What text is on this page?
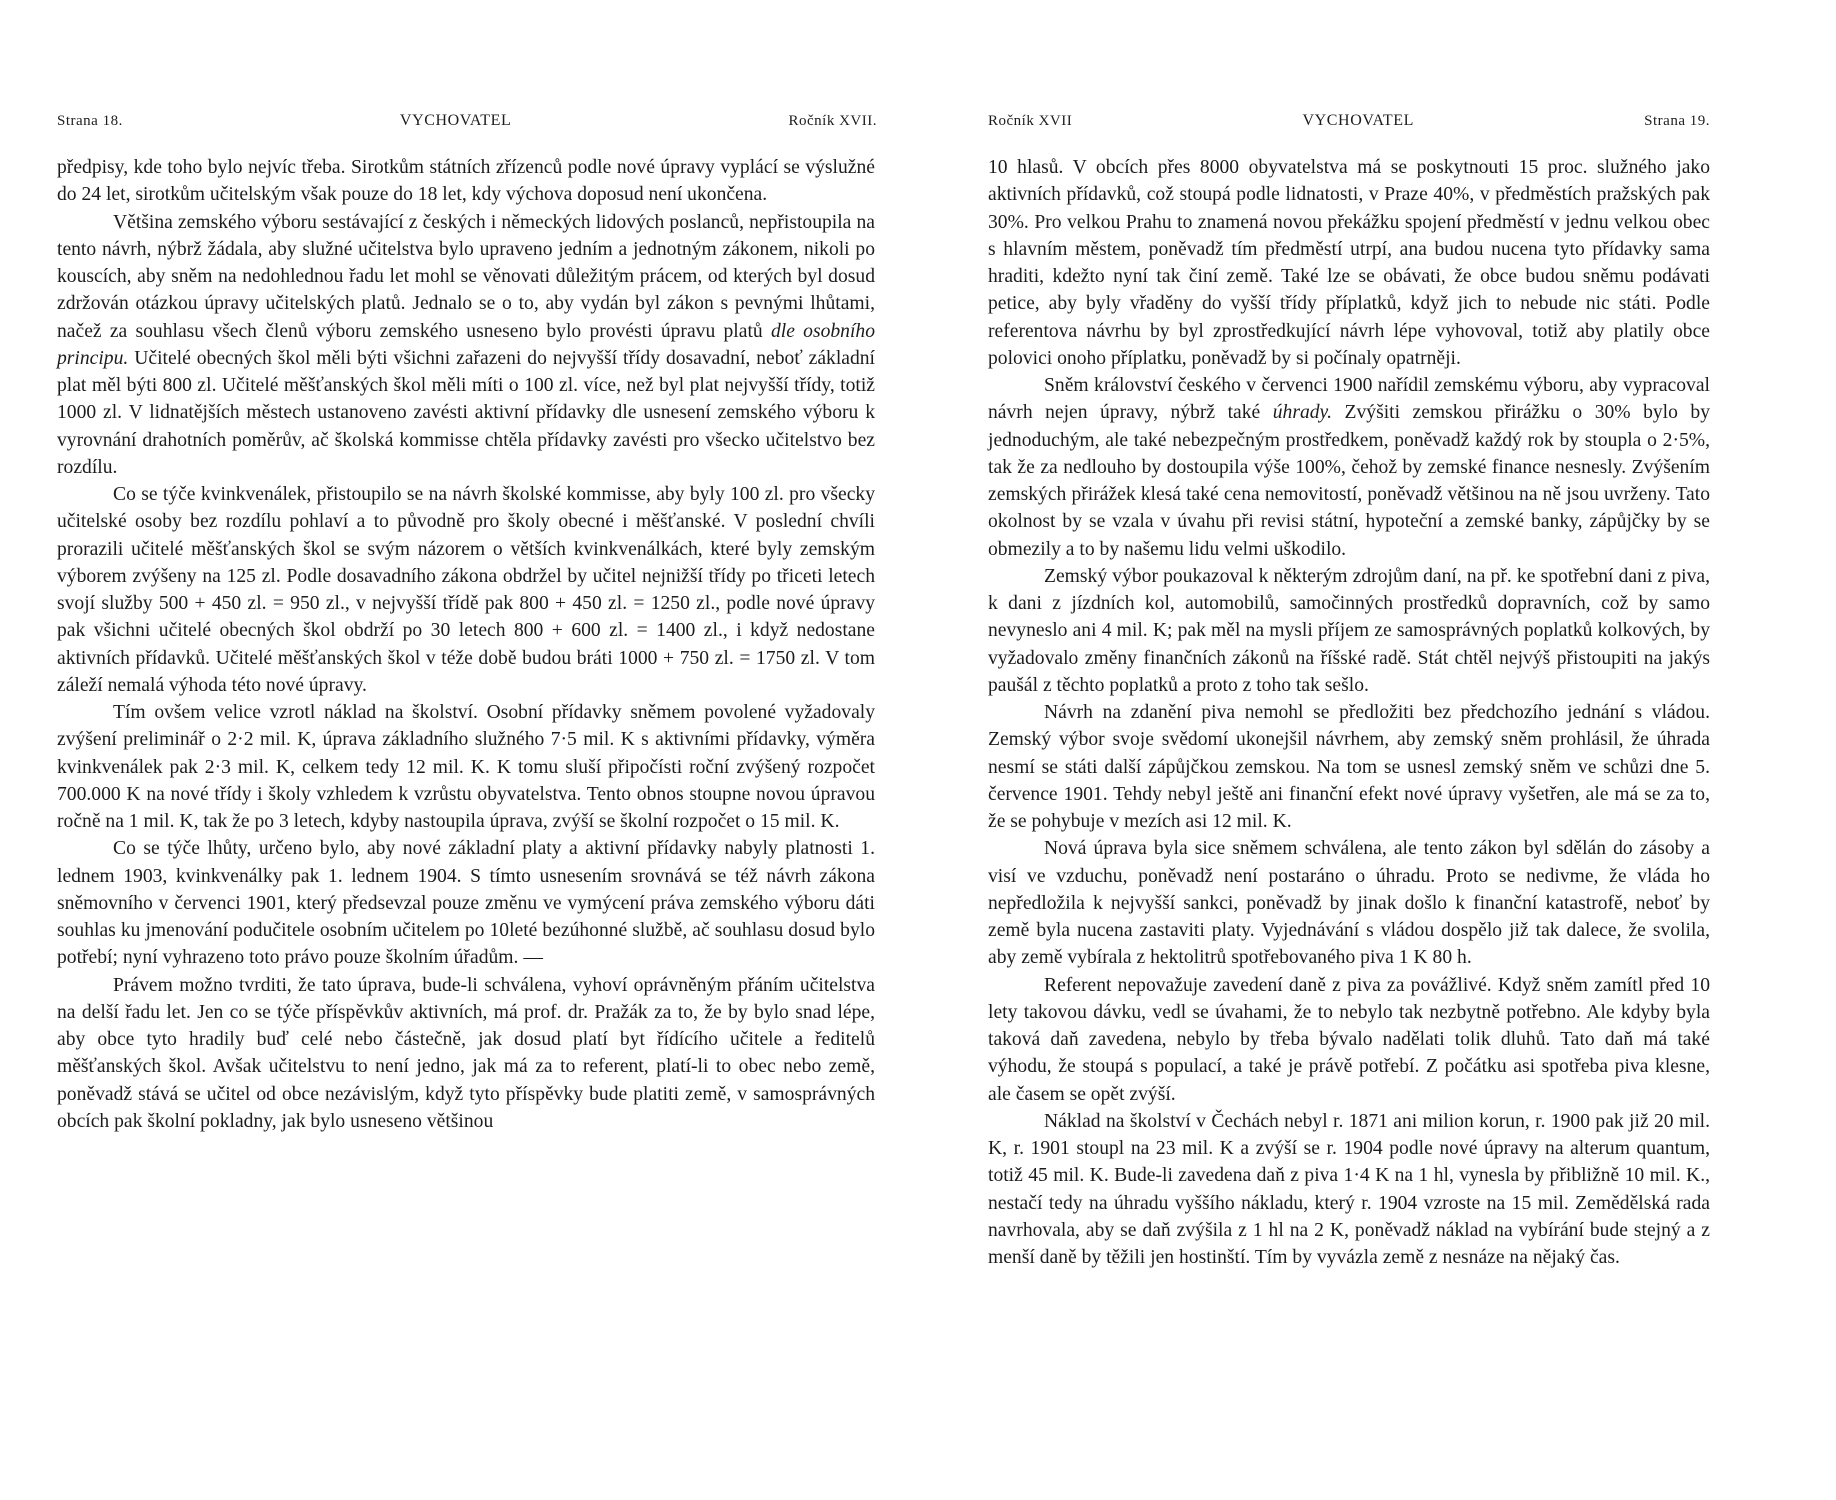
Strana 18.	VYCHOVATEL	Ročník XVII.

předpisy, kde toho bylo nejvíc třeba. Sirotkům státních zřízenců podle nové úpravy vyplácí se výslužné do 24 let, sirotkům učitelským však pouze do 18 let, kdy výchova doposud není ukončena.

Většina zemského výboru sestávající z českých i německých lidových poslanců, nepřistoupila na tento návrh, nýbrž žádala, aby služné učitelstva bylo upraveno jedním a jednotným zákonem, nikoli po kouscích, aby sněm na nedohlednou řadu let mohl se věnovati důležitým prácem, od kterých byl dosud zdržován otázkou úpravy učitelských platů. Jednalo se o to, aby vydán byl zákon s pevnými lhůtami, načež za souhlasu všech členů výboru zemského usneseno bylo provésti úpravu platů dle osobního principu. Učitelé obecných škol měli býti všichni zařazeni do nejvyšší třídy dosavadní, neboť základní plat měl býti 800 zl. Učitelé měšťanských škol měli míti o 100 zl. více, než byl plat nejvyšší třídy, totiž 1000 zl. V lidnatějších městech ustanoveno zavésti aktivní přídavky dle usnesení zemského výboru k vyrovnání drahotních poměrův, ač školská kommisse chtěla přídavky zavésti pro všecko učitelstvo bez rozdílu.

Co se týče kvinkvenálek, přistoupilo se na návrh školské kommisse, aby byly 100 zl. pro všecky učitelské osoby bez rozdílu pohlaví a to původně pro školy obecné i měšťanské. V poslední chvíli prorazili učitelé měšťanských škol se svým názorem o větších kvinkvenálkách, které byly zemským výborem zvýšeny na 125 zl. Podle dosavadního zákona obdržel by učitel nejnižší třídy po třiceti letech svojí služby 500 + 450 zl. = 950 zl., v nejvyšší třídě pak 800 + 450 zl. = 1250 zl., podle nové úpravy pak všichni učitelé obecných škol obdrží po 30 letech 800 + 600 zl. = 1400 zl., i když nedostane aktivních přídavků. Učitelé měšťanských škol v téže době budou bráti 1000 + 750 zl. = 1750 zl. V tom záleží nemalá výhoda této nové úpravy.

Tím ovšem velice vzrotl náklad na školství. Osobní přídavky sněmem povolené vyžadovaly zvýšení preliminář o 2·2 mil. K, úprava základního služného 7·5 mil. K s aktivními přídavky, výměra kvinkvenálek pak 2·3 mil. K, celkem tedy 12 mil. K. K tomu sluší připočísti roční zvýšený rozpočet 700.000 K na nové třídy i školy vzhledem k vzrůstu obyvatelstva. Tento obnos stoupne novou úpravou ročně na 1 mil. K, tak že po 3 letech, kdyby nastoupila úprava, zvýší se školní rozpočet o 15 mil. K.

Co se týče lhůty, určeno bylo, aby nové základní platy a aktivní přídavky nabyly platnosti 1. lednem 1903, kvinkvenálky pak 1. lednem 1904. S tímto usnesením srovnává se též návrh zákona sněmovního v červenci 1901, který předsevzal pouze změnu ve vymýcení práva zemského výboru dáti souhlas ku jmenování podučitele osobním učitelem po 10leté bezúhonné službě, ač souhlasu dosud bylo potřebí; nyní vyhrazeno toto právo pouze školním úřadům. —

Právem možno tvrditi, že tato úprava, bude-li schválena, vyhoví oprávněným přáním učitelstva na delší řadu let. Jen co se týče příspěvkův aktivních, má prof. dr. Pražák za to, že by bylo snad lépe, aby obce tyto hradily buď celé nebo částečně, jak dosud platí byt řídícího učitele a ředitelů měšťanských škol. Avšak učitelstvu to není jedno, jak má za to referent, platí-li to obec nebo země, poněvadž stává se učitel od obce nezávislým, když tyto příspěvky bude platiti země, v samosprávných obcích pak školní pokladny, jak bylo usneseno většinou

Ročník XVII	VYCHOVATEL	Strana 19.

10 hlasů. V obcích přes 8000 obyvatelstva má se poskytnouti 15 proc. služného jako aktivních přídavků, což stoupá podle lidnatosti, v Praze 40%, v předměstích pražských pak 30%. Pro velkou Prahu to znamená novou překážku spojení předměstí v jednu velkou obec s hlavním městem, poněvadž tím předměstí utrpí, ana budou nucena tyto přídavky sama hraditi, kdežto nyní tak činí země. Také lze se obávati, že obce budou sněmu podávati petice, aby byly vřaděny do vyšší třídy příplatků, když jich to nebude nic státi. Podle referentova návrhu by byl zprostředkující návrh lépe vyhovoval, totiž aby platily obce polovici onoho příplatku, poněvadž by si počínaly opatrněji.

Sněm království českého v červenci 1900 nařídil zemskému výboru, aby vypracoval návrh nejen úpravy, nýbrž také úhrady. Zvýšiti zemskou přirážku o 30% bylo by jednoduchým, ale také nebezpečným prostředkem, poněvadž každý rok by stoupla o 2·5%, tak že za nedlouho by dostoupila výše 100%, čehož by zemské finance nesnesly. Zvýšením zemských přirážek klesá také cena nemovitostí, poněvadž většinou na ně jsou uvrženy. Tato okolnost by se vzala v úvahu při revisi státní, hypoteční a zemské banky, zápůjčky by se obmezily a to by našemu lidu velmi uškodilo.

Zemský výbor poukazoval k některým zdrojům daní, na př. ke spotřební dani z piva, k dani z jízdních kol, automobilů, samočinných prostředků dopravních, což by samo nevyneslo ani 4 mil. K; pak měl na mysli příjem ze samosprávných poplatků kolkových, by vyžadovalo změny finančních zákonů na říšské radě. Stát chtěl nejvýš přistoupiti na jakýs paušál z těchto poplatků a proto z toho tak sešlo.

Návrh na zdanění piva nemohl se předložiti bez předchozího jednání s vládou. Zemský výbor svoje svědomí ukonejšil návrhem, aby zemský sněm prohlásil, že úhrada nesmí se státi další zápůjčkou zemskou. Na tom se usnesl zemský sněm ve schůzi dne 5. července 1901. Tehdy nebyl ještě ani finanční efekt nové úpravy vyšetřen, ale má se za to, že se pohybuje v mezích asi 12 mil. K.

Nová úprava byla sice sněmem schválena, ale tento zákon byl sdělán do zásoby a visí ve vzduchu, poněvadž není postaráno o úhradu. Proto se nedivme, že vláda ho nepředložila k nejvyšší sankci, poněvadž by jinak došlo k finanční katastrofě, neboť by země byla nucena zastaviti platy. Vyjednávání s vládou dospělo již tak dalece, že svolila, aby země vybírala z hektolitrů spotřebovaného piva 1 K 80 h.

Referent nepovažuje zavedení daně z piva za povážlivé. Když sněm zamítl před 10 lety takovou dávku, vedl se úvahami, že to nebylo tak nezbytně potřebno. Ale kdyby byla taková daň zavedena, nebylo by třeba bývalo nadělati tolik dluhů. Tato daň má také výhodu, že stoupá s populací, a také je právě potřebí. Z počátku asi spotřeba piva klesne, ale časem se opět zvýší.

Náklad na školství v Čechách nebyl r. 1871 ani milion korun, r. 1900 pak již 20 mil. K, r. 1901 stoupl na 23 mil. K a zvýší se r. 1904 podle nové úpravy na alterum quantum, totiž 45 mil. K. Bude-li zavedena daň z piva 1·4 K na 1 hl, vynesla by přibližně 10 mil. K., nestačí tedy na úhradu vyššího nákladu, který r. 1904 vzroste na 15 mil. Zemědělská rada navrhovala, aby se daň zvýšila z 1 hl na 2 K, poněvadž náklad na vybírání bude stejný a z menší daně by těžili jen hostinští. Tím by vyvázla země z nesnáze na nějaký čas.
